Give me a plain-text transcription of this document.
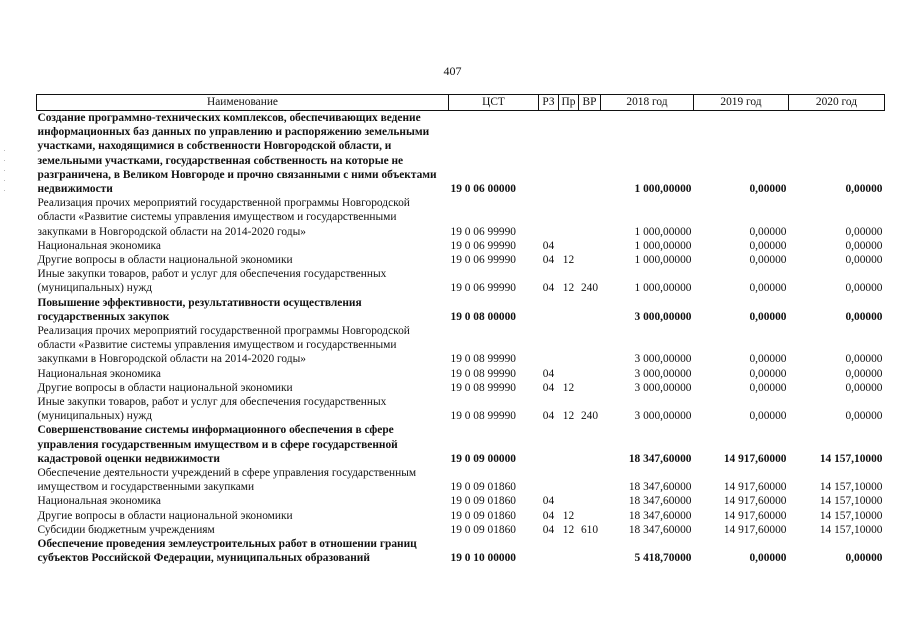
407
Наименование	ЦСТ	РЗ	Пр	ВР	2018 год	2019 год	2020 год
Создание программно-технических комплексов, обеспечивающих ведение информационных баз данных по управлению и распоряжению земельными участками, находящимися в собственности Новгородской области, и земельными участками, государственная собственность на которые не разграничена, в Великом Новгороде и прочно связанными с ними объектами недвижимости	19 0 06 00000				1 000,00000	0,00000	0,00000
Реализация прочих мероприятий государственной программы Новгородской области «Развитие системы управления имуществом и государственными закупками в Новгородской области на 2014-2020 годы»	19 0 06 99990				1 000,00000	0,00000	0,00000
Национальная экономика	19 0 06 99990	04			1 000,00000	0,00000	0,00000
Другие вопросы в области национальной экономики	19 0 06 99990	04	12		1 000,00000	0,00000	0,00000
Иные закупки товаров, работ и услуг для обеспечения государственных (муниципальных) нужд	19 0 06 99990	04	12	240	1 000,00000	0,00000	0,00000
Повышение эффективности, результативности осуществления государственных закупок	19 0 08 00000				3 000,00000	0,00000	0,00000
Реализация прочих мероприятий государственной программы Новгородской области «Развитие системы управления имуществом и государственными закупками в Новгородской области на 2014-2020 годы»	19 0 08 99990				3 000,00000	0,00000	0,00000
Национальная экономика	19 0 08 99990	04			3 000,00000	0,00000	0,00000
Другие вопросы в области национальной экономики	19 0 08 99990	04	12		3 000,00000	0,00000	0,00000
Иные закупки товаров, работ и услуг для обеспечения государственных (муниципальных) нужд	19 0 08 99990	04	12	240	3 000,00000	0,00000	0,00000
Совершенствование системы информационного обеспечения в сфере управления государственным имуществом и в сфере государственной кадастровой оценки недвижимости	19 0 09 00000				18 347,60000	14 917,60000	14 157,10000
Обеспечение деятельности учреждений в сфере управления государственным имуществом и государственными закупками	19 0 09 01860				18 347,60000	14 917,60000	14 157,10000
Национальная экономика	19 0 09 01860	04			18 347,60000	14 917,60000	14 157,10000
Другие вопросы в области национальной экономики	19 0 09 01860	04	12		18 347,60000	14 917,60000	14 157,10000
Субсидии бюджетным учреждениям	19 0 09 01860	04	12	610	18 347,60000	14 917,60000	14 157,10000
Обеспечение проведения землеустроительных работ в отношении границ субъектов Российской Федерации, муниципальных образований	19 0 10 00000				5 418,70000	0,00000	0,00000
